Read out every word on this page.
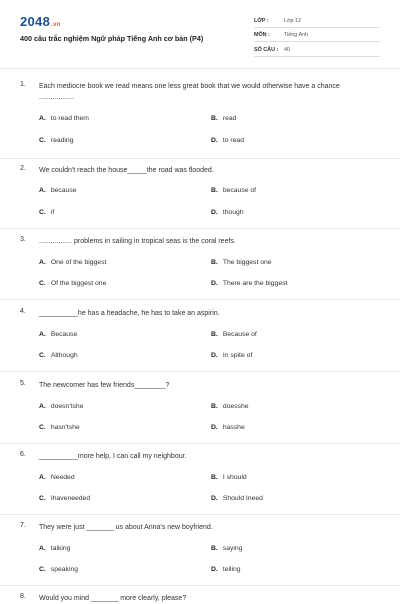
2048.vn
400 câu trắc nghiệm Ngữ pháp Tiếng Anh cơ bản (P4)
LỚP :	Lớp 12
MÔN :	Tiếng Anh
SỐ CÂU : 40
1. Each mediocre book we read means one less great book that we would otherwise have a chance ..................
A. to read them	B. read
C. reading	D. to read
2. We couldn't reach the house_____the road was flooded.
A. because	B. because of
C. if	D. though
3. ................. problems in sailing in tropical seas is the coral reefs.
A. One of the biggest	B. The biggest one
C. Of the biggest one	D. There are the biggest
4. __________he has a headache, he has to take an aspirin.
A. Because	B. Because of
C. Although	D. In spite of
5. The newcomer has few friends________?
A. doesn'tshe	B. doesshe
C. hasn'tshe	D. hasshe
6. __________more help, I can call my neighbour.
A. Needed	B. I should
C. Ihaveneeded	D. Should Ineed
7. They were just _______ us about Anna's new boyfriend.
A. talking	B. saying
C. speaking	D. telling
8. Would you mind _______ more clearly, please?
